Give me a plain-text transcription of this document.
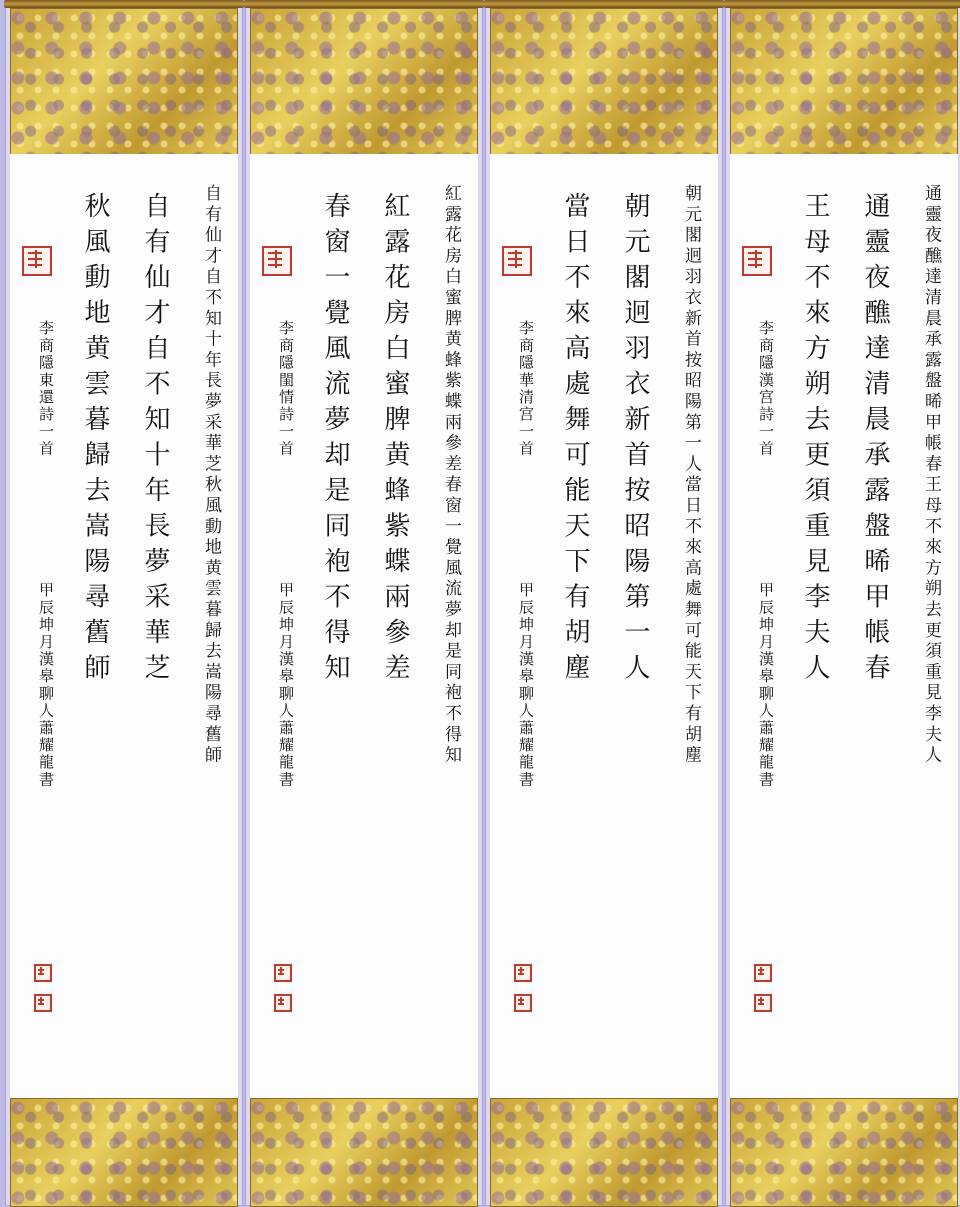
自有仙才自不知十年長夢采華芝秋風動地黄雲暮歸去嵩陽尋舊師
自有仙才自不知十年長夢采華芝
秋風動地黄雲暮歸去嵩陽尋舊師
李商隱東還詩一首
甲辰坤月漢皋聊人蕭耀龍書	紅露花房白蜜脾黄蜂紫蝶兩參差春窗一覺風流夢却是同袍不得知
紅露花房白蜜脾黄蜂紫蝶兩參差
春窗一覺風流夢却是同袍不得知
李商隱閨情詩一首
甲辰坤月漢皋聊人蕭耀龍書	朝元閣迥羽衣新首按昭陽第一人當日不來高處舞可能天下有胡塵
朝元閣迥羽衣新首按昭陽第一人
當日不來高處舞可能天下有胡塵
李商隱華清宫一首
甲辰坤月漢皋聊人蕭耀龍書	通靈夜醮達清晨承露盤晞甲帳春王母不來方朔去更須重見李夫人
通靈夜醮達清晨承露盤晞甲帳春
王母不來方朔去更須重見李夫人
李商隱漢宫詩一首
甲辰坤月漢皋聊人蕭耀龍書
